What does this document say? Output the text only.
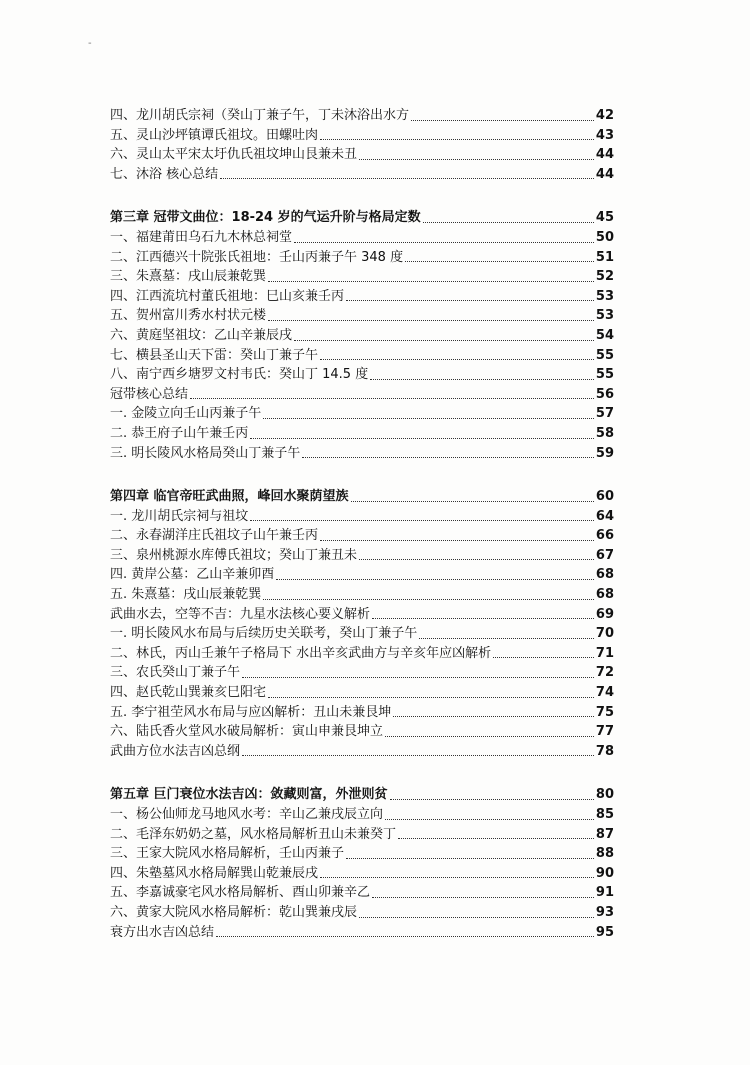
-
四、龙川胡氏宗祠（癸山丁兼子午，丁未沐浴出水方	42
五、灵山沙坪镇谭氏祖坟。田螺吐肉	43
六、灵山太平宋太圩仇氏祖坟坤山艮兼未丑	44
七、沐浴 核心总结	44
第三章 冠带文曲位：18-24 岁的气运升阶与格局定数	45
一、福建莆田乌石九木林总祠堂	50
二、江西德兴十院张氏祖地：壬山丙兼子午 348 度	51
三、朱熹墓：戌山辰兼乾巽	52
四、江西流坑村董氏祖地：巳山亥兼壬丙	53
五、贺州富川秀水村状元楼	53
六、黄庭坚祖坟：乙山辛兼辰戌	54
七、横县圣山天下雷：癸山丁兼子午	55
八、南宁西乡塘罗文村韦氏：癸山丁 14.5 度	55
冠带核心总结	56
一. 金陵立向壬山丙兼子午	57
二. 恭王府子山午兼壬丙	58
三. 明长陵风水格局癸山丁兼子午	59
第四章 临官帝旺武曲照，峰回水聚荫望族	60
一. 龙川胡氏宗祠与祖坟	64
二、永春湖洋庄氏祖坟子山午兼壬丙	66
三、泉州桃源水库傅氏祖坟；癸山丁兼丑未	67
四. 黄岸公墓：乙山辛兼卯酉	68
五. 朱熹墓：戌山辰兼乾巽	68
武曲水去，空等不吉：九星水法核心要义解析	69
一. 明长陵风水布局与后续历史关联考，癸山丁兼子午	70
二、林氏，丙山壬兼午子格局下 水出辛亥武曲方与辛亥年应凶解析	71
三、农氏癸山丁兼子午	72
四、赵氏乾山巽兼亥巳阳宅	74
五. 李宁祖茔风水布局与应凶解析：丑山未兼艮坤	75
六、陆氏香火堂风水破局解析：寅山申兼艮坤立	77
武曲方位水法吉凶总纲	78
第五章 巨门衰位水法吉凶：敛藏则富，外泄则贫	80
一、杨公仙师龙马地风水考：辛山乙兼戌辰立向	85
二、毛泽东奶奶之墓，风水格局解析丑山未兼癸丁	87
三、王家大院风水格局解析，壬山丙兼子	88
四、朱塾墓风水格局解巽山乾兼辰戌	90
五、李嘉诚豪宅风水格局解析、酉山卯兼辛乙	91
六、黄家大院风水格局解析：乾山巽兼戌辰	93
衰方出水吉凶总结	95
